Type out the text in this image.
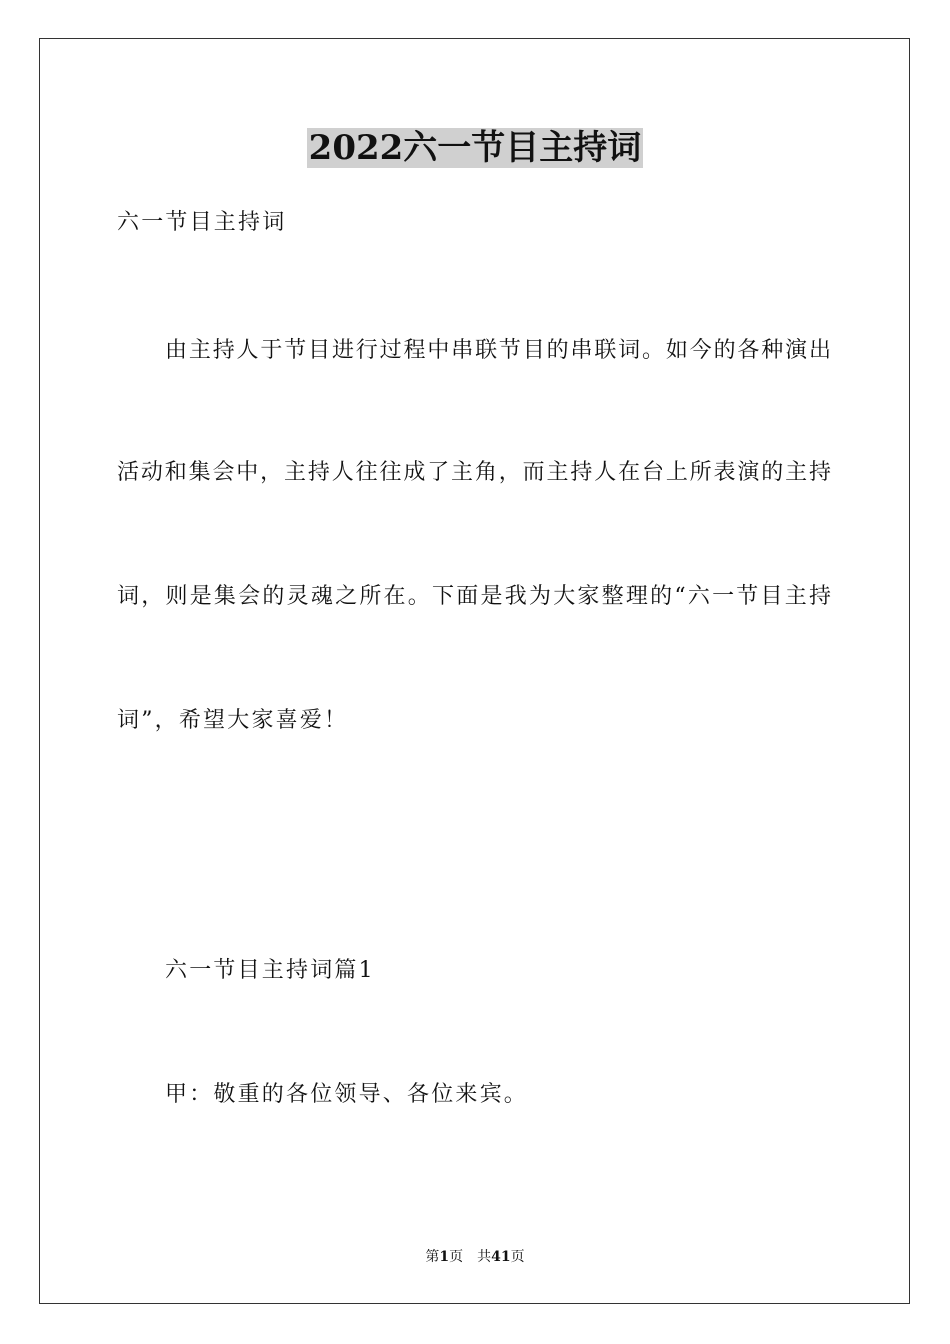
2022六一节目主持词
六一节目主持词
由主持人于节目进行过程中串联节目的串联词。如今的各种演出
活动和集会中，主持人往往成了主角，而主持人在台上所表演的主持
词，则是集会的灵魂之所在。下面是我为大家整理的“六一节目主持
词”，希望大家喜爱！
六一节目主持词篇1
甲：敬重的各位领导、各位来宾。
第1页 共41页
